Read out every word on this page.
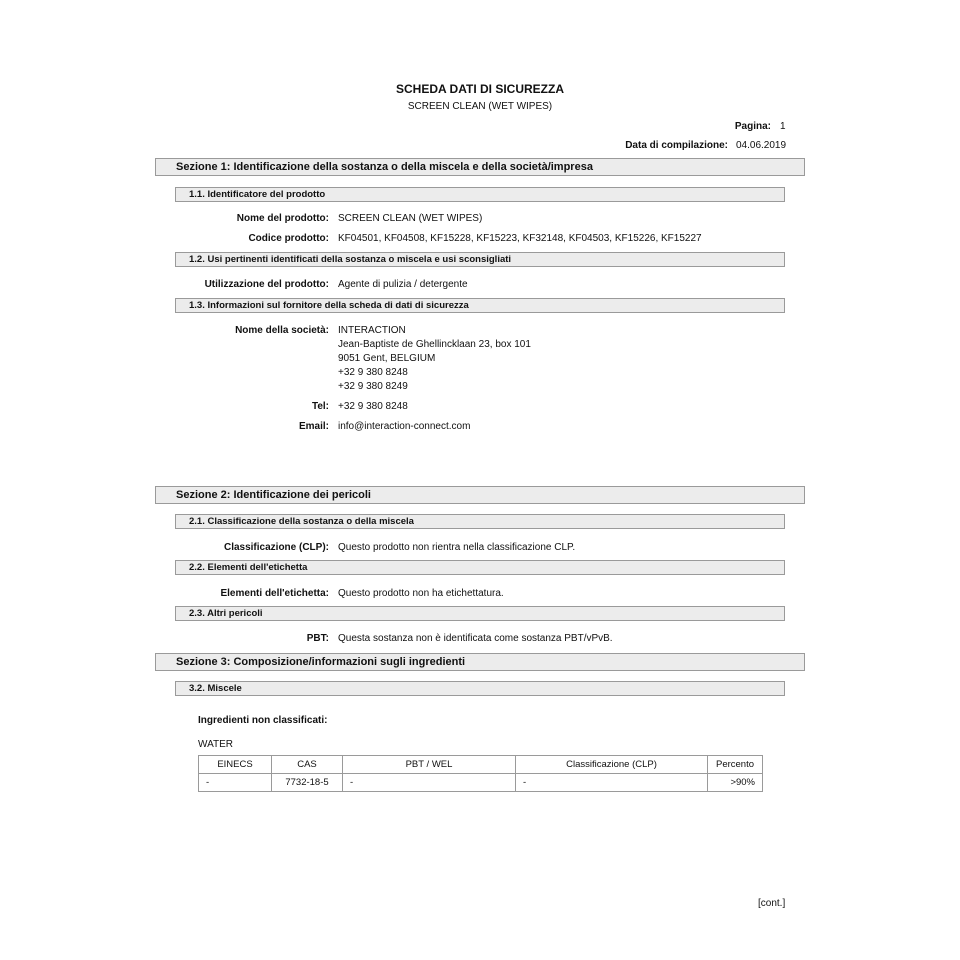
SCHEDA DATI DI SICUREZZA
SCREEN CLEAN (WET WIPES)
Pagina: 1
Data di compilazione: 04.06.2019
Sezione 1: Identificazione della sostanza o della miscela e della società/impresa
1.1. Identificatore del prodotto
Nome del prodotto: SCREEN CLEAN (WET WIPES)
Codice prodotto: KF04501, KF04508, KF15228, KF15223, KF32148, KF04503, KF15226, KF15227
1.2. Usi pertinenti identificati della sostanza o miscela e usi sconsigliati
Utilizzazione del prodotto: Agente di pulizia / detergente
1.3. Informazioni sul fornitore della scheda di dati di sicurezza
Nome della società: INTERACTION
Jean-Baptiste de Ghellinckl​aan 23, box 101
9051 Gent, BELGIUM
+32 9 380 8248
+32 9 380 8249
Tel: +32 9 380 8248
Email: info@interaction-connect.com
Sezione 2: Identificazione dei pericoli
2.1. Classificazione della sostanza o della miscela
Classificazione (CLP): Questo prodotto non rientra nella classificazione CLP.
2.2. Elementi dell'etichetta
Elementi dell'etichetta: Questo prodotto non ha etichettatura.
2.3. Altri pericoli
PBT: Questa sostanza non è identificata come sostanza PBT/vPvB.
Sezione 3: Composizione/informazioni sugli ingredienti
3.2. Miscele
Ingredienti non classificati:
WATER
EINECS	CAS	PBT / WEL	Classificazione (CLP)	Percento
-	7732-18-5	-	-	>90%
[cont.]
